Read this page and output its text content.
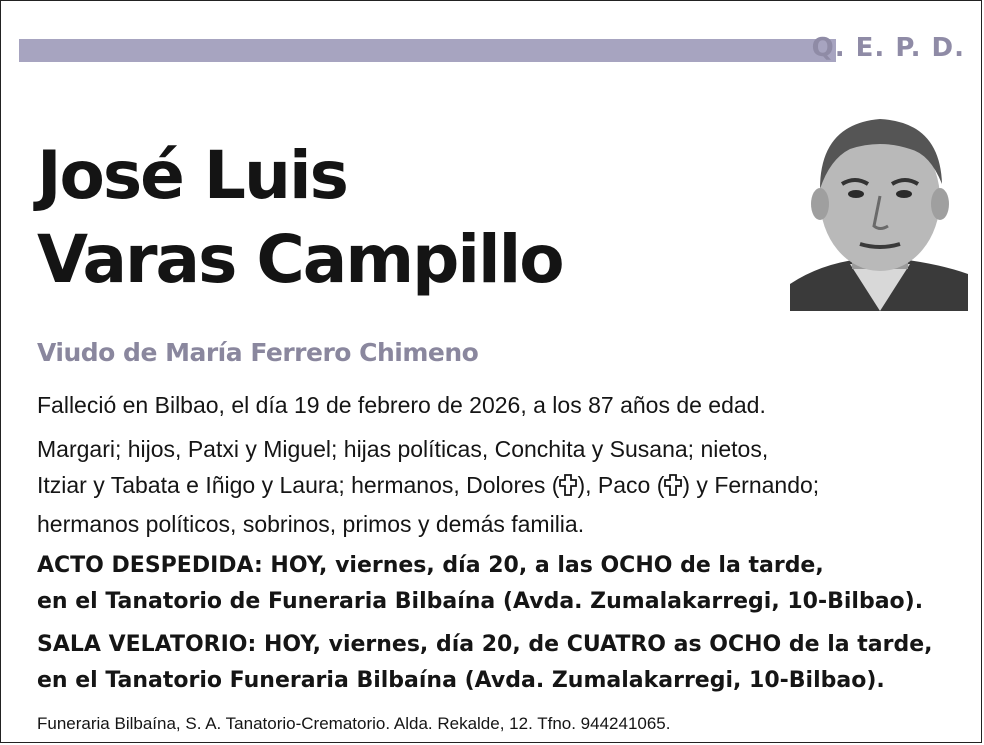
Q. E. P. D.
José Luis
Varas Campillo
Viudo de María Ferrero Chimeno
Falleció en Bilbao, el día 19 de febrero de 2026, a los 87 años de edad.
Margari; hijos, Patxi y Miguel; hijas políticas, Conchita y Susana; nietos,
Itziar y Tabata e Iñigo y Laura; hermanos, Dolores ( ), Paco ( ) y Fernando;
hermanos políticos, sobrinos, primos y demás familia.
ACTO DESPEDIDA: HOY, viernes, día 20, a las OCHO de la tarde,
en el Tanatorio de Funeraria Bilbaína (Avda. Zumalakarregi, 10-Bilbao).
SALA VELATORIO: HOY, viernes, día 20, de CUATRO as OCHO de la tarde,
en el Tanatorio Funeraria Bilbaína (Avda. Zumalakarregi, 10-Bilbao).
Funeraria Bilbaína, S. A. Tanatorio-Crematorio. Alda. Rekalde, 12. Tfno. 944241065.
